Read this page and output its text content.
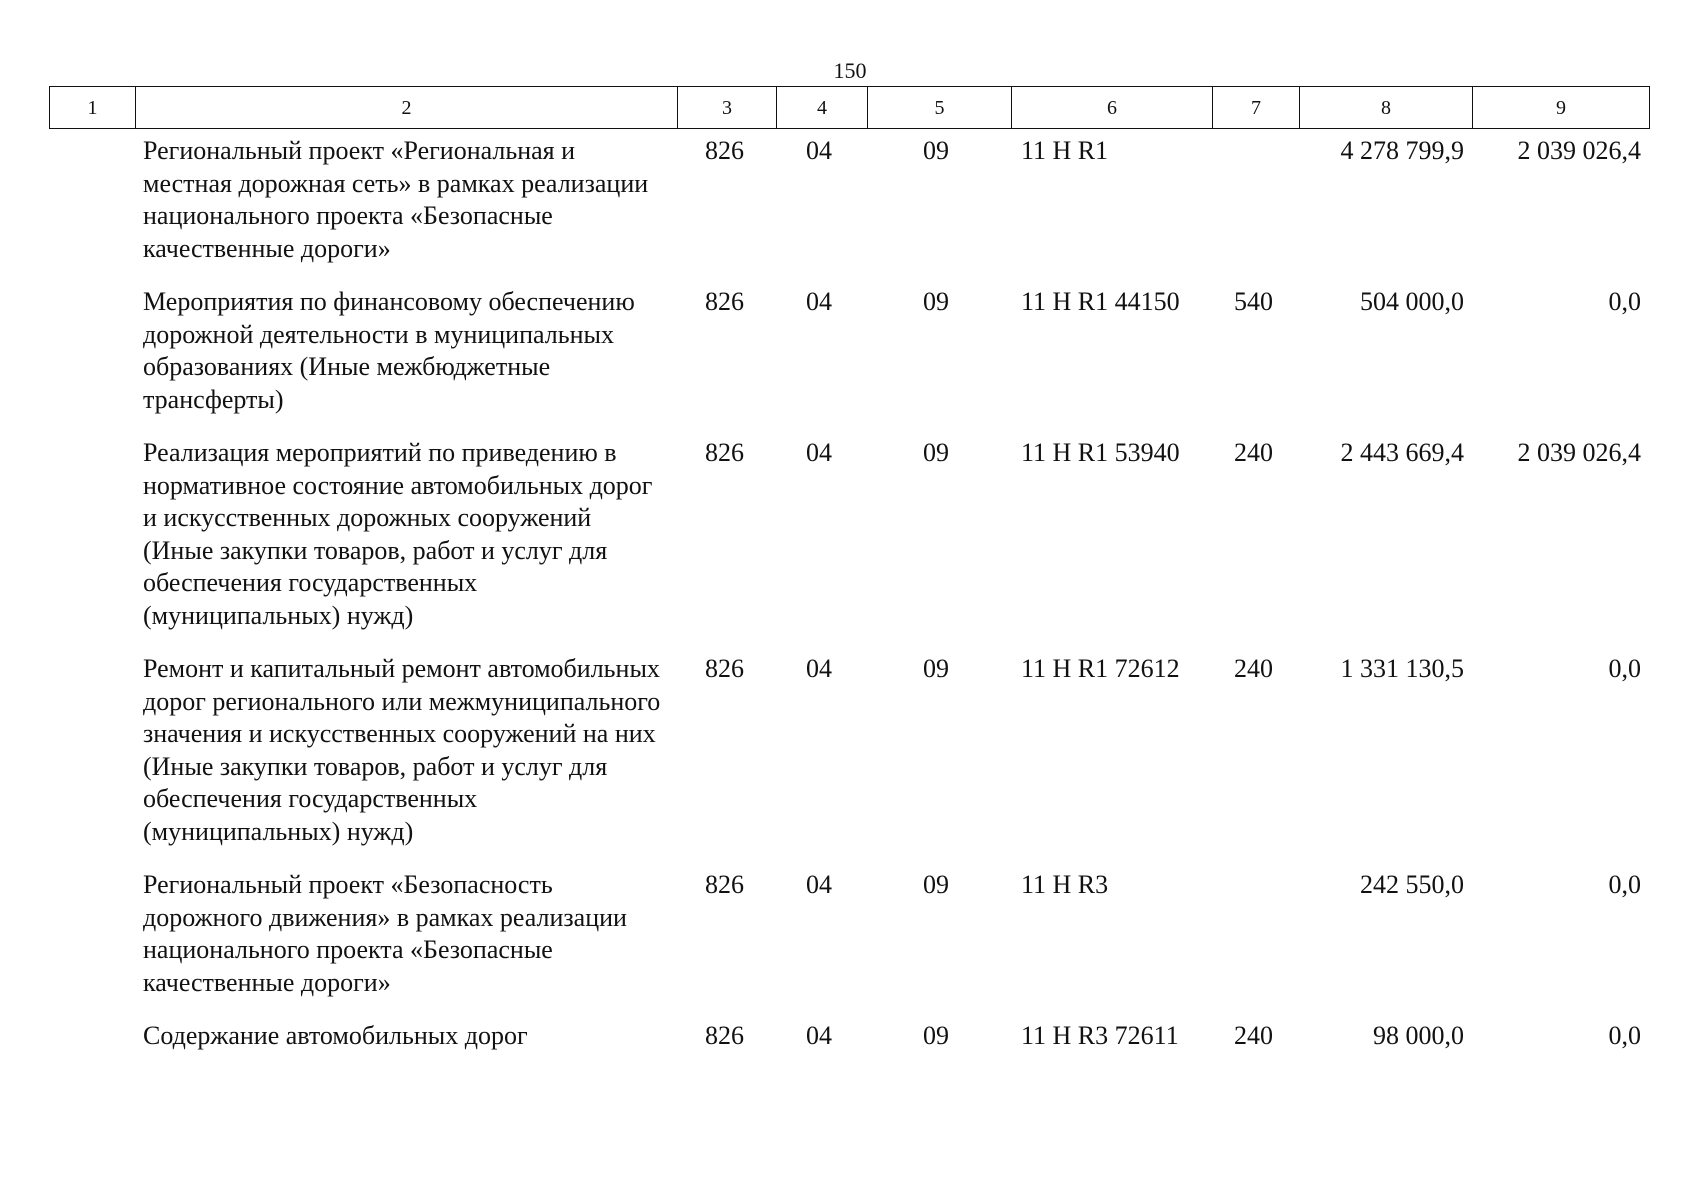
150
1	2	3	4	5	6	7	8	9
	Региональный проект «Региональная и местная дорожная сеть» в рамках реализации национального проекта «Безопасные качественные дороги»	826	04	09	11 Н R1		4 278 799,9	2 039 026,4
	Мероприятия по финансовому обеспечению дорожной деятельности в муниципальных образованиях (Иные межбюджетные трансферты)	826	04	09	11 Н R1 44150	540	504 000,0	0,0
	Реализация мероприятий по приведению в нормативное состояние автомобильных дорог и искусственных дорожных сооружений (Иные закупки товаров, работ и услуг для обеспечения государственных (муниципальных) нужд)	826	04	09	11 Н R1 53940	240	2 443 669,4	2 039 026,4
	Ремонт и капитальный ремонт автомобильных дорог регионального или межмуниципального значения и искусственных сооружений на них (Иные закупки товаров, работ и услуг для обеспечения государственных (муниципальных) нужд)	826	04	09	11 Н R1 72612	240	1 331 130,5	0,0
	Региональный проект «Безопасность дорожного движения» в рамках реализации национального проекта «Безопасные качественные дороги»	826	04	09	11 Н R3		242 550,0	0,0
	Содержание автомобильных дорог	826	04	09	11 Н R3 72611	240	98 000,0	0,0
